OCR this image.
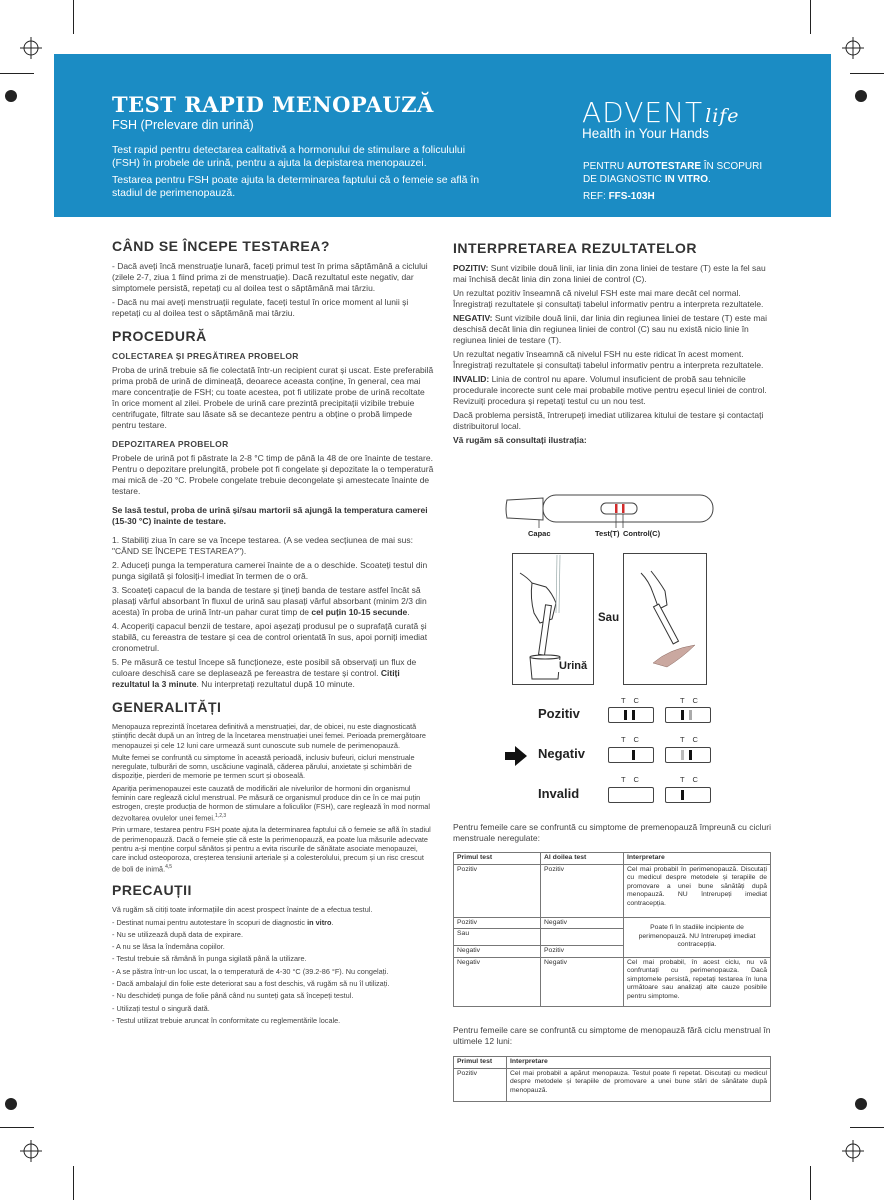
TEST RAPID MENOPAUZĂ
FSH (Prelevare din urină)
Test rapid pentru detectarea calitativă a hormonului de stimulare a foliculului (FSH) în probele de urină, pentru a ajuta la depistarea menopauzei.
Testarea pentru FSH poate ajuta la determinarea faptului că o femeie se află în stadiul de perimenopauză.
ADVENT life
Health in Your Hands
PENTRU AUTOTESTARE ÎN SCOPURI
DE DIAGNOSTIC IN VITRO.
REF: FFS-103H
CÂND SE ÎNCEPE TESTAREA?
- Dacă aveți încă menstruație lunară, faceți primul test în prima săptămână a ciclului (zilele 2-7, ziua 1 fiind prima zi de menstruație). Dacă rezultatul este negativ, dar simptomele persistă, repetați cu al doilea test o săptămână mai târziu.
- Dacă nu mai aveți menstruații regulate, faceți testul în orice moment al lunii și repetați cu al doilea test o săptămână mai târziu.
PROCEDURĂ
COLECTAREA ȘI PREGĂTIREA PROBELOR
Proba de urină trebuie să fie colectată într-un recipient curat și uscat. Este preferabilă prima probă de urină de dimineață, deoarece aceasta conține, în general, cea mai mare concentrație de FSH; cu toate acestea, pot fi utilizate probe de urină recoltate în orice moment al zilei. Probele de urină care prezintă precipitații vizibile trebuie centrifugate, filtrate sau lăsate să se decanteze pentru a obține o probă limpede pentru testare.
DEPOZITAREA PROBELOR
Probele de urină pot fi păstrate la 2-8 °C timp de până la 48 de ore înainte de testare. Pentru o depozitare prelungită, probele pot fi congelate și depozitate la o temperatură mai mică de -20 °C. Probele congelate trebuie decongelate și amestecate înainte de testare.
Se lasă testul, proba de urină și/sau martorii să ajungă la temperatura camerei (15-30 °C) înainte de testare.
1. Stabiliți ziua în care se va începe testarea. (A se vedea secțiunea de mai sus: "CÂND SE ÎNCEPE TESTAREA?").
2. Aduceți punga la temperatura camerei înainte de a o deschide. Scoateți testul din punga sigilată și folosiți-l imediat în termen de o oră.
3. Scoateți capacul de la banda de testare și țineți banda de testare astfel încât să plasați vârful absorbant în fluxul de urină sau plasați vârful absorbant (minim 2/3 din acesta) în proba de urină într-un pahar curat timp de cel puțin 10-15 secunde.
4. Acoperiți capacul benzii de testare, apoi așezați produsul pe o suprafață curată și stabilă, cu fereastra de testare și cea de control orientată în sus, apoi porniți imediat cronometrul.
5. Pe măsură ce testul începe să funcționeze, este posibil să observați un flux de culoare deschisă care se deplasează pe fereastra de testare și control. Citiți rezultatul la 3 minute. Nu interpretați rezultatul după 10 minute.
GENERALITĂȚI
Menopauza reprezintă încetarea definitivă a menstruației, dar, de obicei, nu este diagnosticată științific decât după un an întreg de la încetarea menstruației unei femei. Perioada premergătoare menopauzei și cele 12 luni care urmează sunt cunoscute sub numele de perimenopauză.
Multe femei se confruntă cu simptome în această perioadă, inclusiv bufeuri, cicluri menstruale neregulate, tulburări de somn, uscăciune vaginală, căderea părului, anxietate și schimbări de dispoziție, pierderi de memorie pe termen scurt și oboseală.
Apariția perimenopauzei este cauzată de modificări ale nivelurilor de hormoni din organismul feminin care reglează ciclul menstrual. Pe măsură ce organismul produce din ce în ce mai puțin estrogen, crește producția de hormon de stimulare a foliculilor (FSH), care reglează în mod normal dezvoltarea ovulelor unei femei.$^{1,2,3}$
Prin urmare, testarea pentru FSH poate ajuta la determinarea faptului că o femeie se află în stadiul de perimenopauză. Dacă o femeie știe că este la perimenopauză, ea poate lua măsurile adecvate pentru a-și menține corpul sănătos și pentru a evita riscurile de sănătate asociate menopauzei, care includ osteoporoza, creșterea tensiunii arteriale și a colesterolului, precum și un risc crescut de boli de inimă.$^{4,5}$
PRECAUȚII
Vă rugăm să citiți toate informațiile din acest prospect înainte de a efectua testul.
- Destinat numai pentru autotestare în scopuri de diagnostic in vitro.
- Nu se utilizează după data de expirare.
- A nu se lăsa la îndemâna copiilor.
- Testul trebuie să rămână în punga sigilată până la utilizare.
- A se păstra într-un loc uscat, la o temperatură de 4-30 °C (39.2-86 °F). Nu congelați.
- Dacă ambalajul din folie este deteriorat sau a fost deschis, vă rugăm să nu îl utilizați.
- Nu deschideți punga de folie până când nu sunteți gata să începeți testul.
- Utilizați testul o singură dată.
- Testul utilizat trebuie aruncat în conformitate cu reglementările locale.
INTERPRETAREA REZULTATELOR
POZITIV: Sunt vizibile două linii, iar linia din zona liniei de testare (T) este la fel sau mai închisă decât linia din zona liniei de control (C).
Un rezultat pozitiv înseamnă că nivelul FSH este mai mare decât cel normal. Înregistrați rezultatele și consultați tabelul informativ pentru a interpreta rezultatele.
NEGATIV: Sunt vizibile două linii, dar linia din regiunea liniei de testare (T) este mai deschisă decât linia din regiunea liniei de control (C) sau nu există nicio linie în regiunea liniei de testare (T).
Un rezultat negativ înseamnă că nivelul FSH nu este ridicat în acest moment. Înregistrați rezultatele și consultați tabelul informativ pentru a interpreta rezultatele.
INVALID: Linia de control nu apare. Volumul insuficient de probă sau tehnicile procedurale incorecte sunt cele mai probabile motive pentru eșecul liniei de control. Revizuiți procedura și repetați testul cu un nou test.
Dacă problema persistă, întrerupeți imediat utilizarea kitului de testare și contactați distribuitorul local.
Vă rugăm să consultați ilustrația:
Capac	Test(T) Control(C)
Urină
Sau
T C	T C
Pozitiv
T C	T C
Negativ
T C	T C
Invalid
Pentru femeile care se confruntă cu simptome de premenopauză împreună cu cicluri menstruale neregulate:
Primul test	Al doilea test	Interpretare
Pozitiv	Pozitiv	Cel mai probabil în perimenopauză. Discutați cu medicul despre metodele și terapiile de promovare a unei bune sănătăți după menopauză. NU întrerupeți imediat contracepția.
Pozitiv	Negativ	Poate fi în stadiile incipiente de perimenopauză. NU întrerupeți imediat contracepția.
Sau		
Negativ	Pozitiv	
Negativ	Negativ	Cel mai probabil, în acest ciclu, nu vă confruntați cu perimenopauza. Dacă simptomele persistă, repetați testarea în luna următoare sau analizați alte cauze posibile pentru simptome.
Pentru femeile care se confruntă cu simptome de menopauză fără ciclu menstrual în ultimele 12 luni:
Primul test	Interpretare
Pozitiv	Cel mai probabil a apărut menopauza. Testul poate fi repetat. Discutați cu medicul despre metodele și terapiile de promovare a unei bune stări de sănătate după menopauză.
